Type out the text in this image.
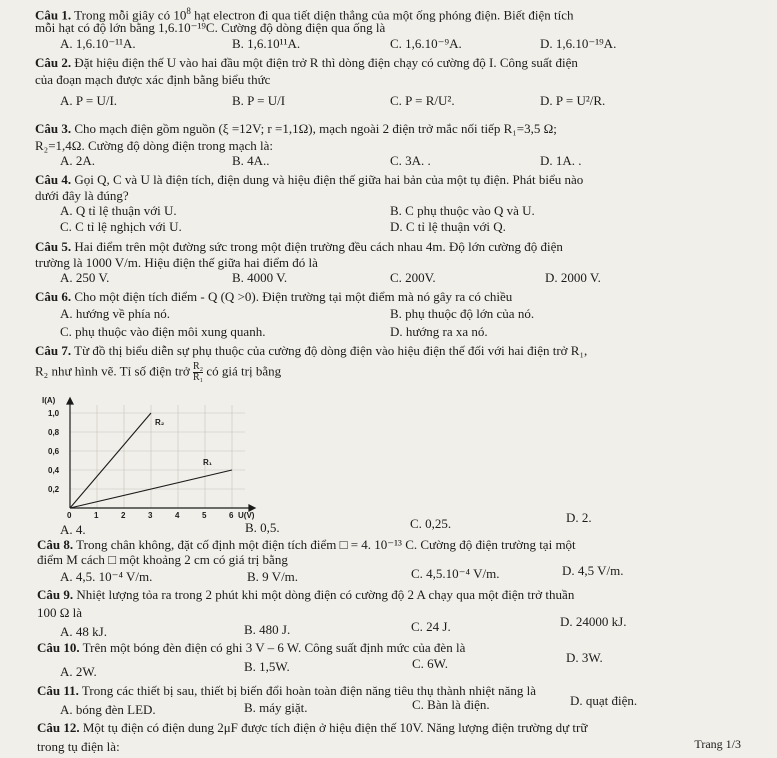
Câu 1. Trong mỗi giây có $10^8$ hạt electron đi qua tiết diện thẳng của một ống phóng điện. Biết điện tích
mỗi hạt có độ lớn bằng 1,6.10⁻¹⁹C. Cường độ dòng điện qua ống là
A. 1,6.10⁻¹¹A.	B. 1,6.10¹¹A.	C. 1,6.10⁻⁹A.	D. 1,6.10⁻¹⁹A.
Câu 2. Đặt hiệu điện thế U vào hai đầu một điện trở R thì dòng điện chạy có cường độ I. Công suất điện
của đoạn mạch được xác định bằng biểu thức
A. P = U/I.	B. P = U/I	C. P = R/U².	D. P = U²/R.
Câu 3. Cho mạch điện gồm nguồn (ξ =12V; r =1,1Ω), mạch ngoài 2 điện trở mắc nối tiếp R₁=3,5 Ω;
R₂=1,4Ω. Cường độ dòng điện trong mạch là:
A. 2A.	B. 4A..	C. 3A. .	D. 1A. .
Câu 4. Gọi Q, C và U là điện tích, điện dung và hiệu điện thế giữa hai bản của một tụ điện. Phát biểu nào
dưới đây là đúng?
A. Q tỉ lệ thuận với U.	B. C phụ thuộc vào Q và U.
C. C tỉ lệ nghịch với U.	D. C tỉ lệ thuận với Q.
Câu 5. Hai điểm trên một đường sức trong một điện trường đều cách nhau 4m. Độ lớn cường độ điện
trường là 1000 V/m. Hiệu điện thế giữa hai điểm đó là
A. 250 V.	B. 4000 V.	C. 200V.	D. 2000 V.
Câu 6. Cho một điện tích điểm - Q (Q >0). Điện trường tại một điểm mà nó gây ra có chiều
A. hướng về phía nó.	B. phụ thuộc độ lớn của nó.
C. phụ thuộc vào điện môi xung quanh.	D. hướng ra xa nó.
Câu 7. Từ đồ thị biểu diễn sự phụ thuộc của cường độ dòng điện vào hiệu điện thế đối với hai điện trở R₁,
R₂ như hình vẽ. Tỉ số điện trở $\frac{\text{R₂}}{\text{R₁}}$ có giá trị bằng
I(A)
U(V)
1,0
0,8
0,6
0,4
0,2
0	1	2	3	4	5	6
R₂
R₁
A. 4.	B. 0,5.	C. 0,25.	D. 2.
Câu 8. Trong chân không, đặt cố định một điện tích điểm □ = 4. 10⁻¹³ C. Cường độ điện trường tại một
điểm M cách □ một khoảng 2 cm có giá trị bằng
A. 4,5. 10⁻⁴ V/m.	B. 9 V/m.	C. 4,5.10⁻⁴ V/m.	D. 4,5 V/m.
Câu 9. Nhiệt lượng tỏa ra trong 2 phút khi một dòng điện có cường độ 2 A chạy qua một điện trở thuần
100 Ω là
A. 48 kJ.	B. 480 J.	C. 24 J.	D. 24000 kJ.
Câu 10. Trên một bóng đèn điện có ghi 3 V – 6 W. Công suất định mức của đèn là
A. 2W.	B. 1,5W.	C. 6W.	D. 3W.
Câu 11. Trong các thiết bị sau, thiết bị biến đổi hoàn toàn điện năng tiêu thụ thành nhiệt năng là
A. bóng đèn LED.	B. máy giặt.	C. Bàn là điện.	D. quạt điện.
Câu 12. Một tụ điện có điện dung 2μF được tích điện ở hiệu điện thế 10V. Năng lượng điện trường dự trữ
trong tụ điện là:	Trang 1/3
